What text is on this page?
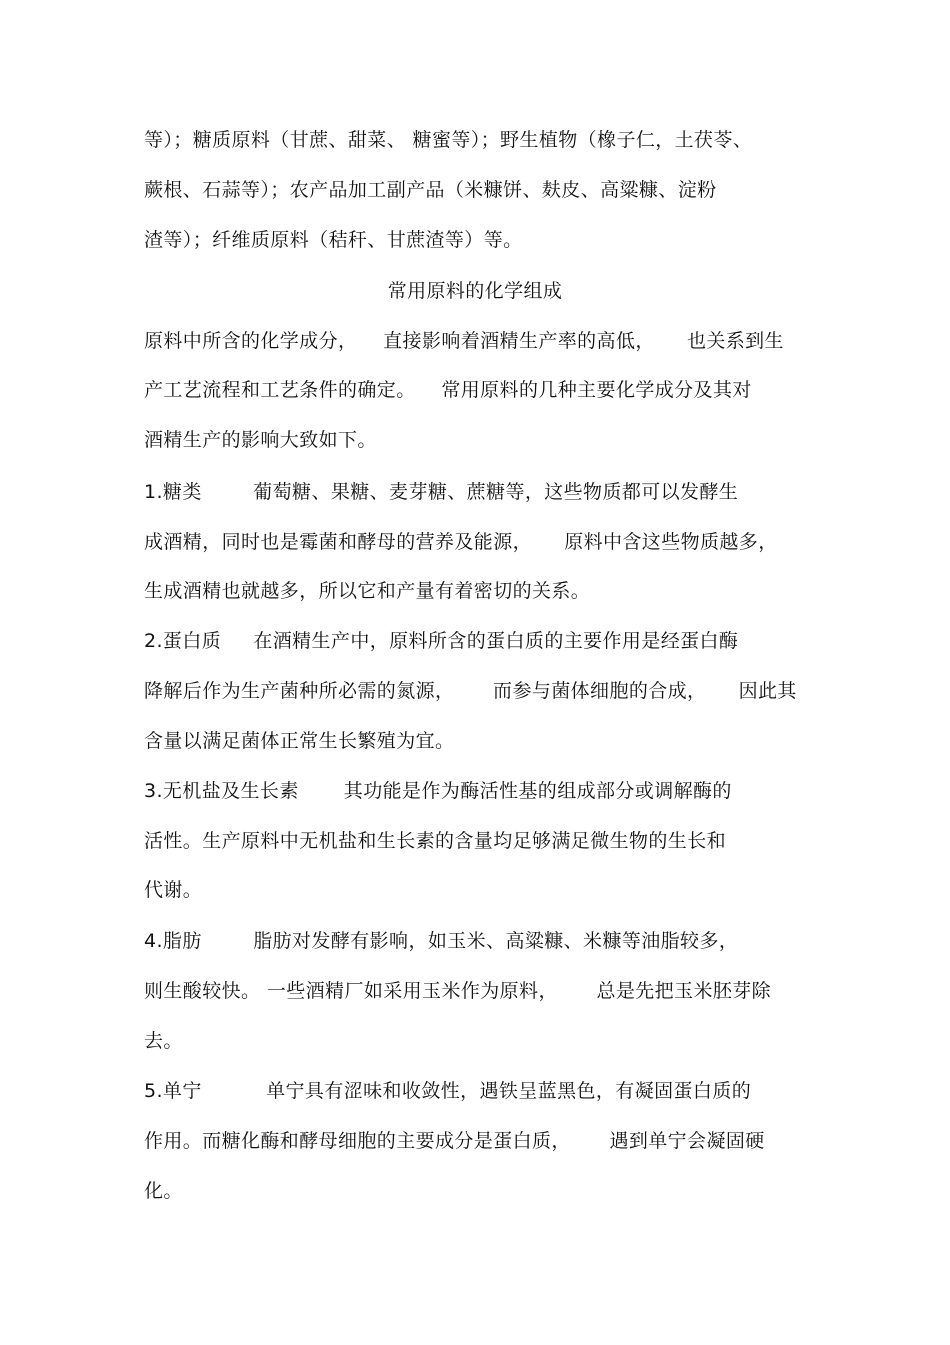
等）；糖质原料（甘蔗、甜菜、 糖蜜等）；野生植物（橡子仁，土茯苓、
蕨根、石蒜等）；农产品加工副产品（米糠饼、麸皮、高粱糠、淀粉
渣等）；纤维质原料（秸秆、甘蔗渣等）等。
常用原料的化学组成
原料中所含的化学成分，    直接影响着酒精生产率的高低，     也关系到生
产工艺流程和工艺条件的确定。    常用原料的几种主要化学成分及其对
酒精生产的影响大致如下。
1.糖类        葡萄糖、果糖、麦芽糖、蔗糖等，这些物质都可以发酵生
成酒精，同时也是霉菌和酵母的营养及能源，     原料中含这些物质越多，
生成酒精也就越多，所以它和产量有着密切的关系。
2.蛋白质     在酒精生产中，原料所含的蛋白质的主要作用是经蛋白酶
降解后作为生产菌种所必需的氮源，      而参与菌体细胞的合成，     因此其
含量以满足菌体正常生长繁殖为宜。
3.无机盐及生长素       其功能是作为酶活性基的组成部分或调解酶的
活性。生产原料中无机盐和生长素的含量均足够满足微生物的生长和
代谢。
4.脂肪        脂肪对发酵有影响，如玉米、高粱糠、米糠等油脂较多，
则生酸较快。 一些酒精厂如采用玉米作为原料，      总是先把玉米胚芽除
去。
5.单宁          单宁具有涩味和收敛性，遇铁呈蓝黑色，有凝固蛋白质的
作用。而糖化酶和酵母细胞的主要成分是蛋白质，      遇到单宁会凝固硬
化。
